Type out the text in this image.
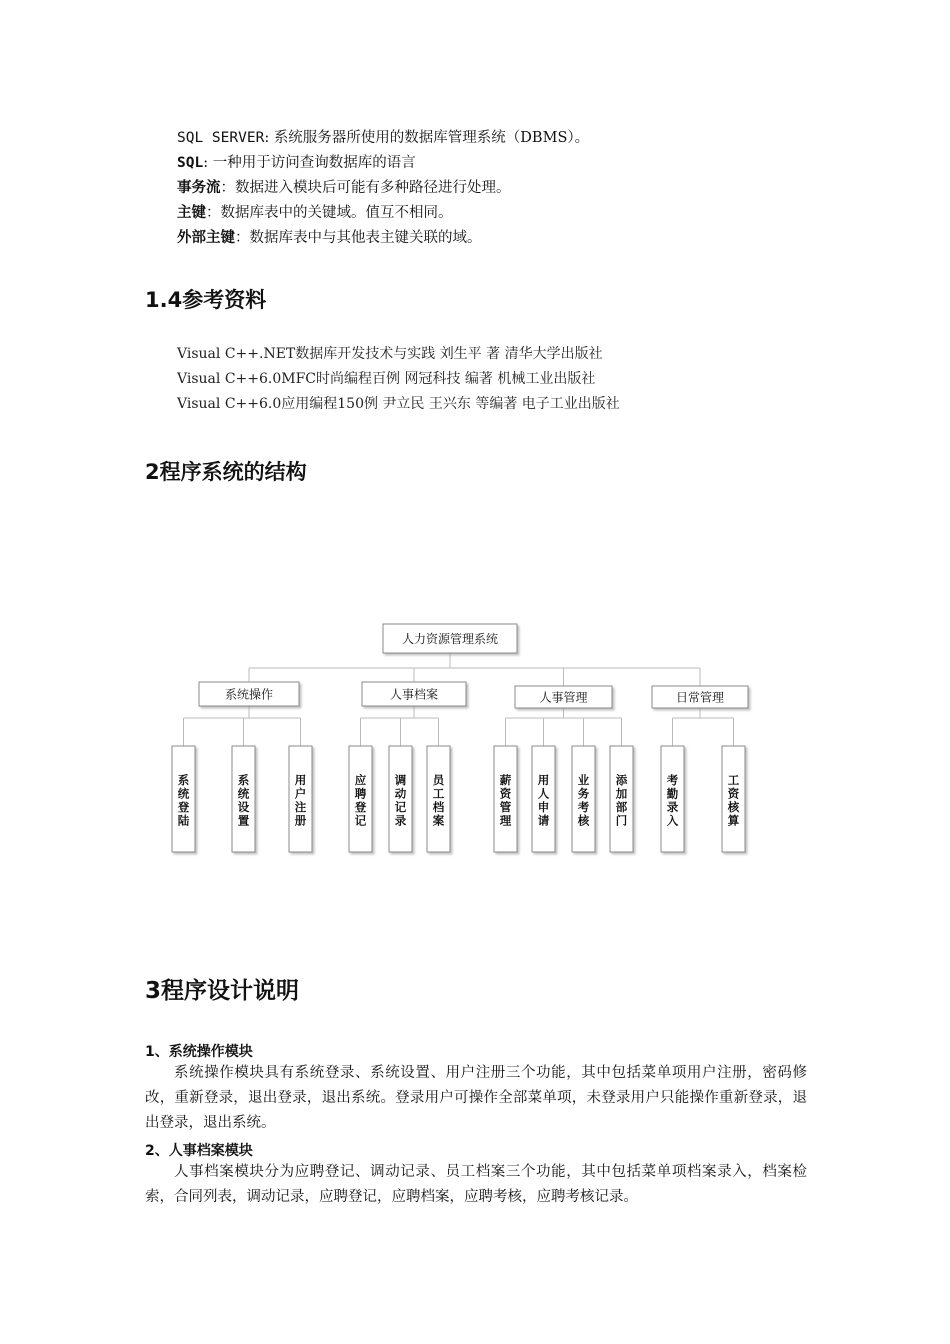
SQL SERVER: 系统服务器所使用的数据库管理系统（DBMS）。
SQL: 一种用于访问查询数据库的语言
事务流：数据进入模块后可能有多种路径进行处理。
主键：数据库表中的关键域。值互不相同。
外部主键：数据库表中与其他表主键关联的域。
1.4参考资料
Visual C++.NET数据库开发技术与实践 刘生平 著 清华大学出版社
Visual C++6.0MFC时尚编程百例 网冠科技 编著 机械工业出版社
Visual C++6.0应用编程150例 尹立民 王兴东 等编著 电子工业出版社
2程序系统的结构
人力资源管理系统
系统操作
系
统
登
陆
系
统
设
置
用
户
注
册
人事档案
应
聘
登
记
调
动
记
录
员
工
档
案
人事管理
薪
资
管
理
用
人
申
请
业
务
考
核
添
加
部
门
日常管理
考
勤
录
入
工
资
核
算
3程序设计说明
1、系统操作模块
系统操作模块具有系统登录、系统设置、用户注册三个功能，其中包括菜单项用户注册，密码修改，重新登录，退出登录，退出系统。登录用户可操作全部菜单项，未登录用户只能操作重新登录，退出登录，退出系统。
2、人事档案模块
人事档案模块分为应聘登记、调动记录、员工档案三个功能，其中包括菜单项档案录入，档案检索，合同列表，调动记录，应聘登记，应聘档案，应聘考核，应聘考核记录。
